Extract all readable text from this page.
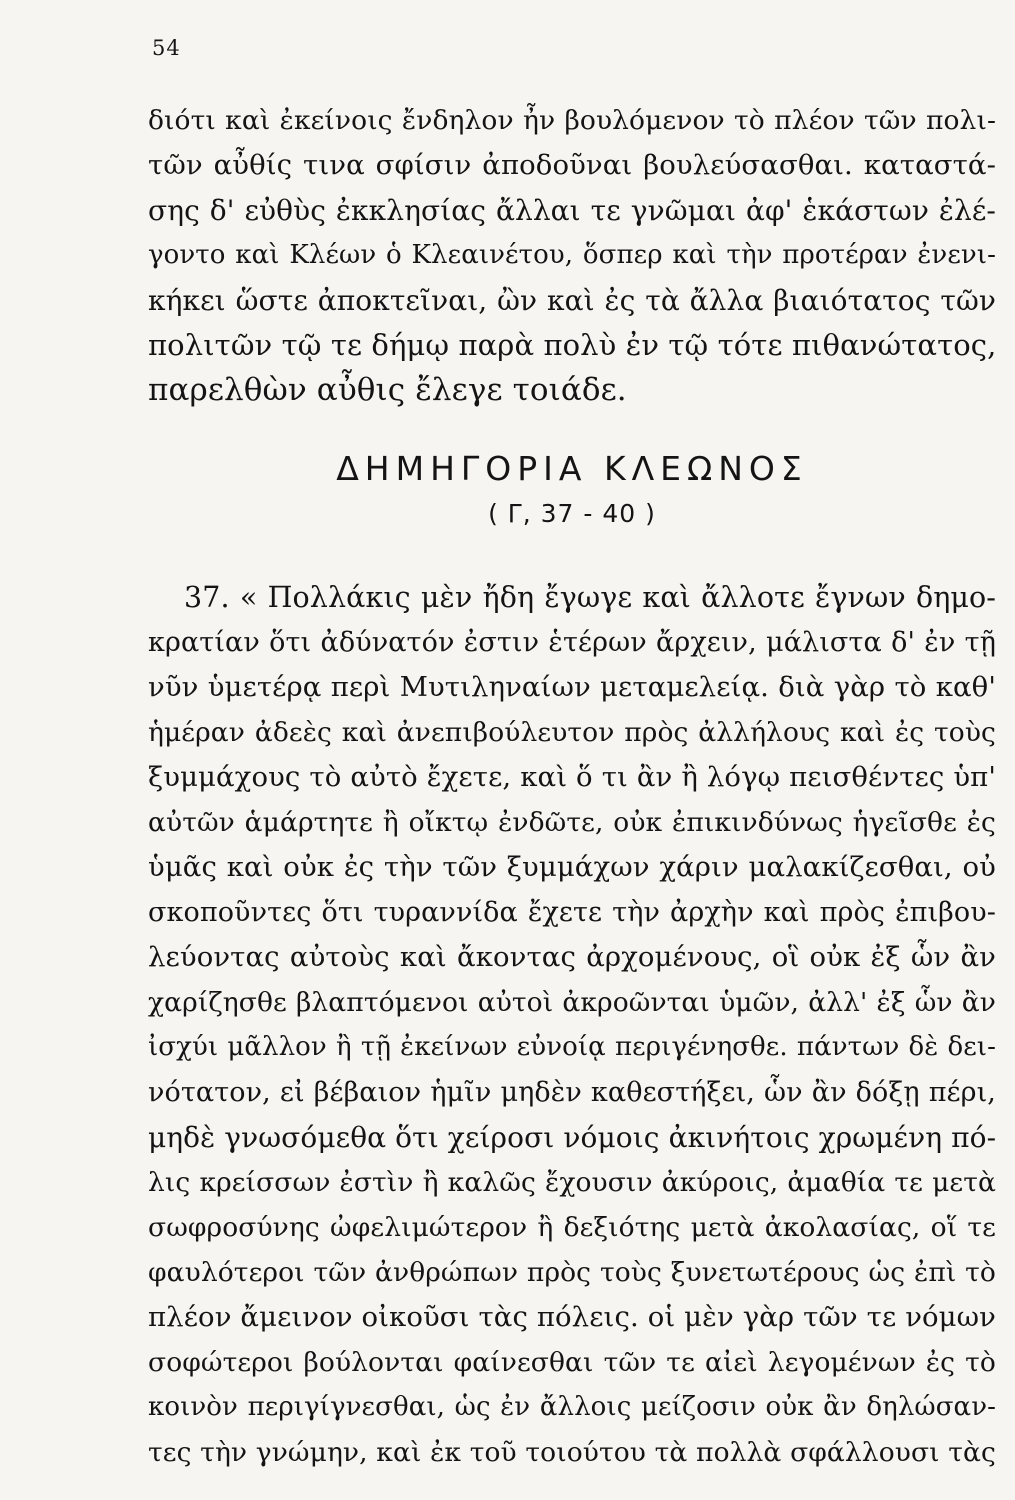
54
διότι καὶ ἐκείνοις ἔνδηλον ἦν βουλόμενον τὸ πλέον τῶν πολι-
τῶν αὖθίς τινα σφίσιν ἀποδοῦναι βουλεύσασθαι. καταστά-
σης δ' εὐθὺς ἐκκλησίας ἄλλαι τε γνῶμαι ἀφ' ἑκάστων ἐλέ-
γοντο καὶ Κλέων ὁ Κλεαινέτου, ὅσπερ καὶ τὴν προτέραν ἐνενι-
κήκει ὥστε ἀποκτεῖναι, ὢν καὶ ἐς τὰ ἄλλα βιαιότατος τῶν
πολιτῶν τῷ τε δήμῳ παρὰ πολὺ ἐν τῷ τότε πιθανώτατος,
παρελθὼν αὖθις ἔλεγε τοιάδε.
ΔΗΜΗΓΟΡΙΑ ΚΛΕΩΝΟΣ
( Γ, 37 - 40 )
37. « Πολλάκις μὲν ἤδη ἔγωγε καὶ ἄλλοτε ἔγνων δημο-
κρατίαν ὅτι ἀδύνατόν ἐστιν ἑτέρων ἄρχειν, μάλιστα δ' ἐν τῇ
νῦν ὑμετέρᾳ περὶ Μυτιληναίων μεταμελείᾳ. διὰ γὰρ τὸ καθ'
ἡμέραν ἀδεὲς καὶ ἀνεπιβούλευτον πρὸς ἀλλήλους καὶ ἐς τοὺς
ξυμμάχους τὸ αὐτὸ ἔχετε, καὶ ὅ τι ἂν ἢ λόγῳ πεισθέντες ὑπ'
αὐτῶν ἁμάρτητε ἢ οἴκτῳ ἐνδῶτε, οὐκ ἐπικινδύνως ἡγεῖσθε ἐς
ὑμᾶς καὶ οὐκ ἐς τὴν τῶν ξυμμάχων χάριν μαλακίζεσθαι, οὐ
σκοποῦντες ὅτι τυραννίδα ἔχετε τὴν ἀρχὴν καὶ πρὸς ἐπιβου-
λεύοντας αὐτοὺς καὶ ἄκοντας ἀρχομένους, οἳ οὐκ ἐξ ὧν ἂν
χαρίζησθε βλαπτόμενοι αὐτοὶ ἀκροῶνται ὑμῶν, ἀλλ' ἐξ ὧν ἂν
ἰσχύι μᾶλλον ἢ τῇ ἐκείνων εὐνοίᾳ περιγένησθε. πάντων δὲ δει-
νότατον, εἰ βέβαιον ἡμῖν μηδὲν καθεστήξει, ὧν ἂν δόξῃ πέρι,
μηδὲ γνωσόμεθα ὅτι χείροσι νόμοις ἀκινήτοις χρωμένη πό-
λις κρείσσων ἐστὶν ἢ καλῶς ἔχουσιν ἀκύροις, ἀμαθία τε μετὰ
σωφροσύνης ὠφελιμώτερον ἢ δεξιότης μετὰ ἀκολασίας, οἵ τε
φαυλότεροι τῶν ἀνθρώπων πρὸς τοὺς ξυνετωτέρους ὡς ἐπὶ τὸ
πλέον ἄμεινον οἰκοῦσι τὰς πόλεις. οἱ μὲν γὰρ τῶν τε νόμων
σοφώτεροι βούλονται φαίνεσθαι τῶν τε αἰεὶ λεγομένων ἐς τὸ
κοινὸν περιγίγνεσθαι, ὡς ἐν ἄλλοις μείζοσιν οὐκ ἂν δηλώσαν-
τες τὴν γνώμην, καὶ ἐκ τοῦ τοιούτου τὰ πολλὰ σφάλλουσι τὰς
